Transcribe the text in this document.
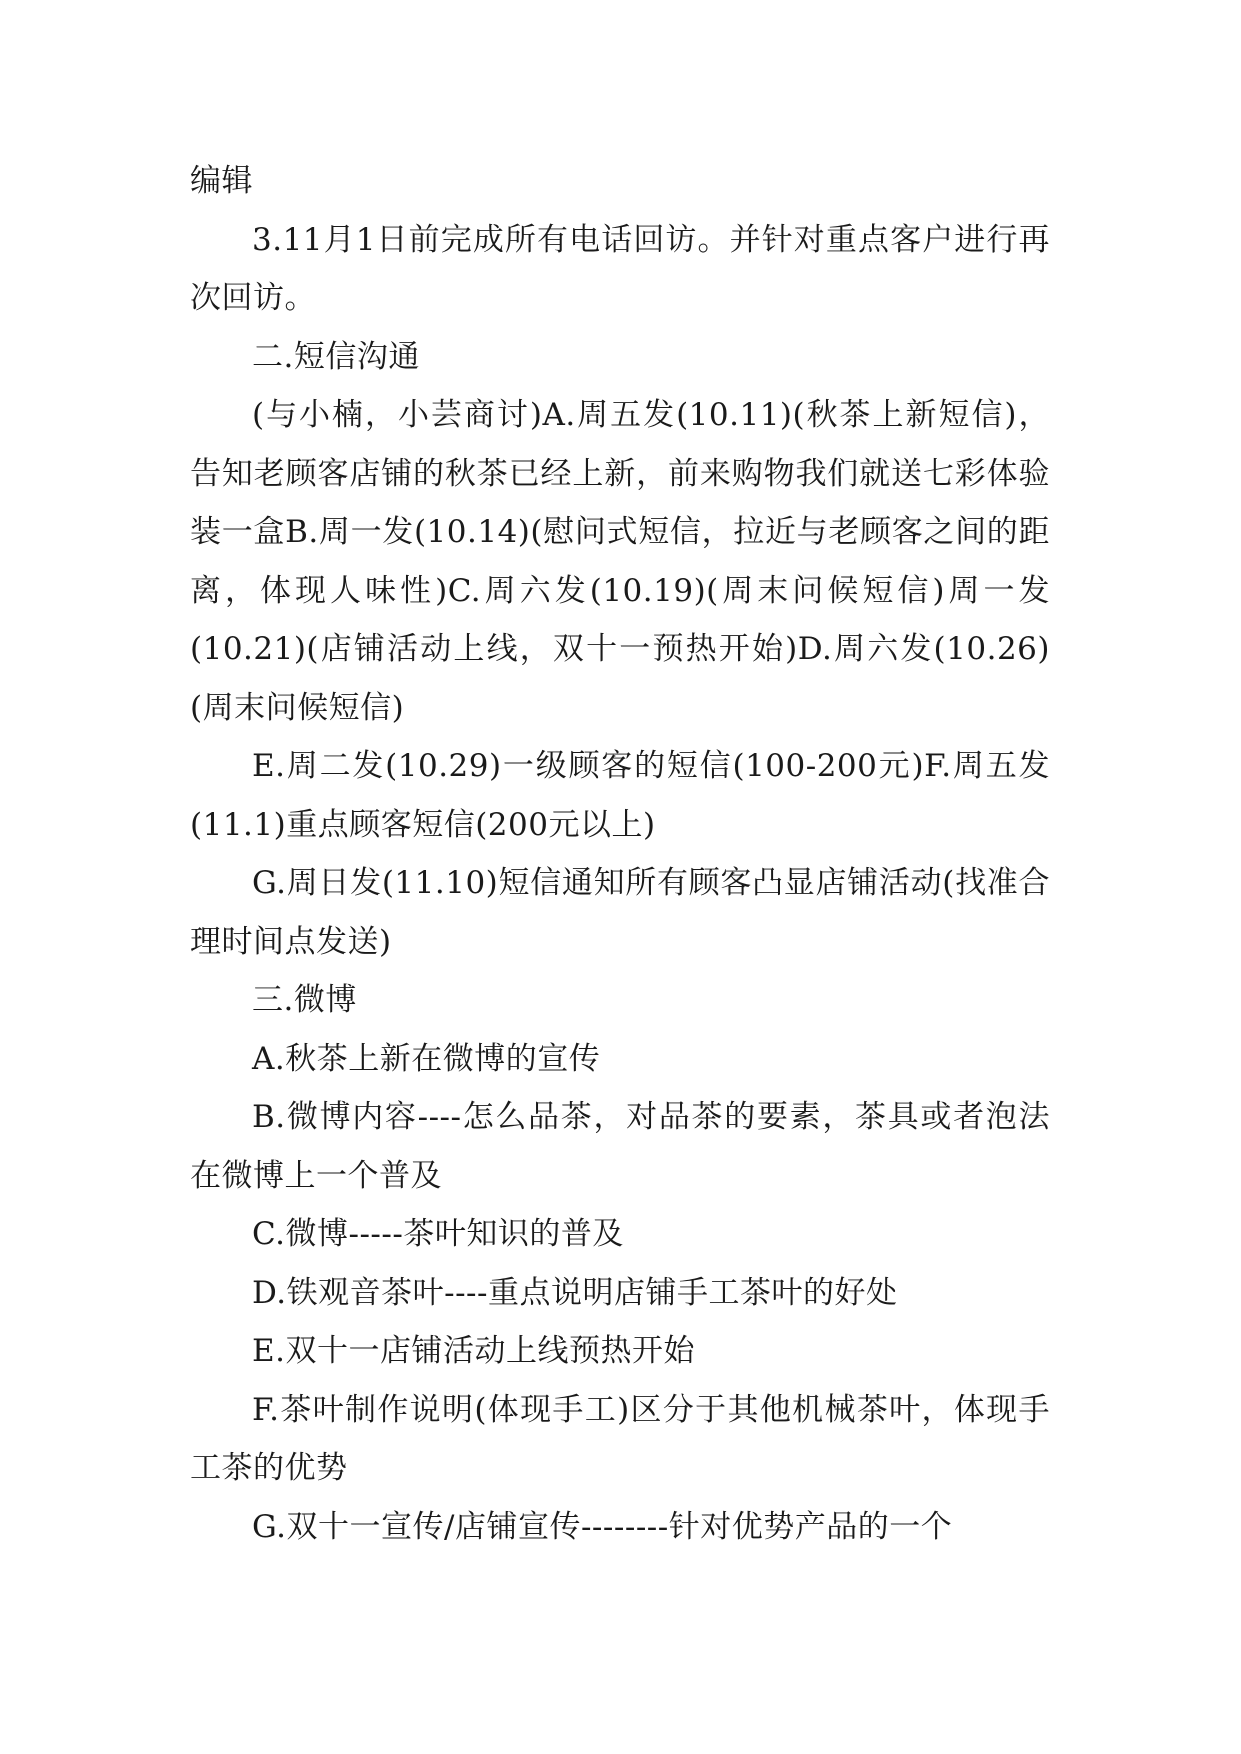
编辑

3.11月1日前完成所有电话回访。并针对重点客户进行再次回访。

二.短信沟通

(与小楠，小芸商讨)A.周五发(10.11)(秋茶上新短信)，告知老顾客店铺的秋茶已经上新，前来购物我们就送七彩体验装一盒B.周一发(10.14)(慰问式短信，拉近与老顾客之间的距离，体现人味性)C.周六发(10.19)(周末问候短信)周一发(10.21)(店铺活动上线，双十一预热开始)D.周六发(10.26)(周末问候短信)

E.周二发(10.29)一级顾客的短信(100-200元)F.周五发(11.1)重点顾客短信(200元以上)

G.周日发(11.10)短信通知所有顾客凸显店铺活动(找准合理时间点发送)

三.微博

A.秋茶上新在微博的宣传

B.微博内容----怎么品茶，对品茶的要素，茶具或者泡法在微博上一个普及

C.微博-----茶叶知识的普及

D.铁观音茶叶----重点说明店铺手工茶叶的好处

E.双十一店铺活动上线预热开始

F.茶叶制作说明(体现手工)区分于其他机械茶叶，体现手工茶的优势

G.双十一宣传/店铺宣传--------针对优势产品的一个
